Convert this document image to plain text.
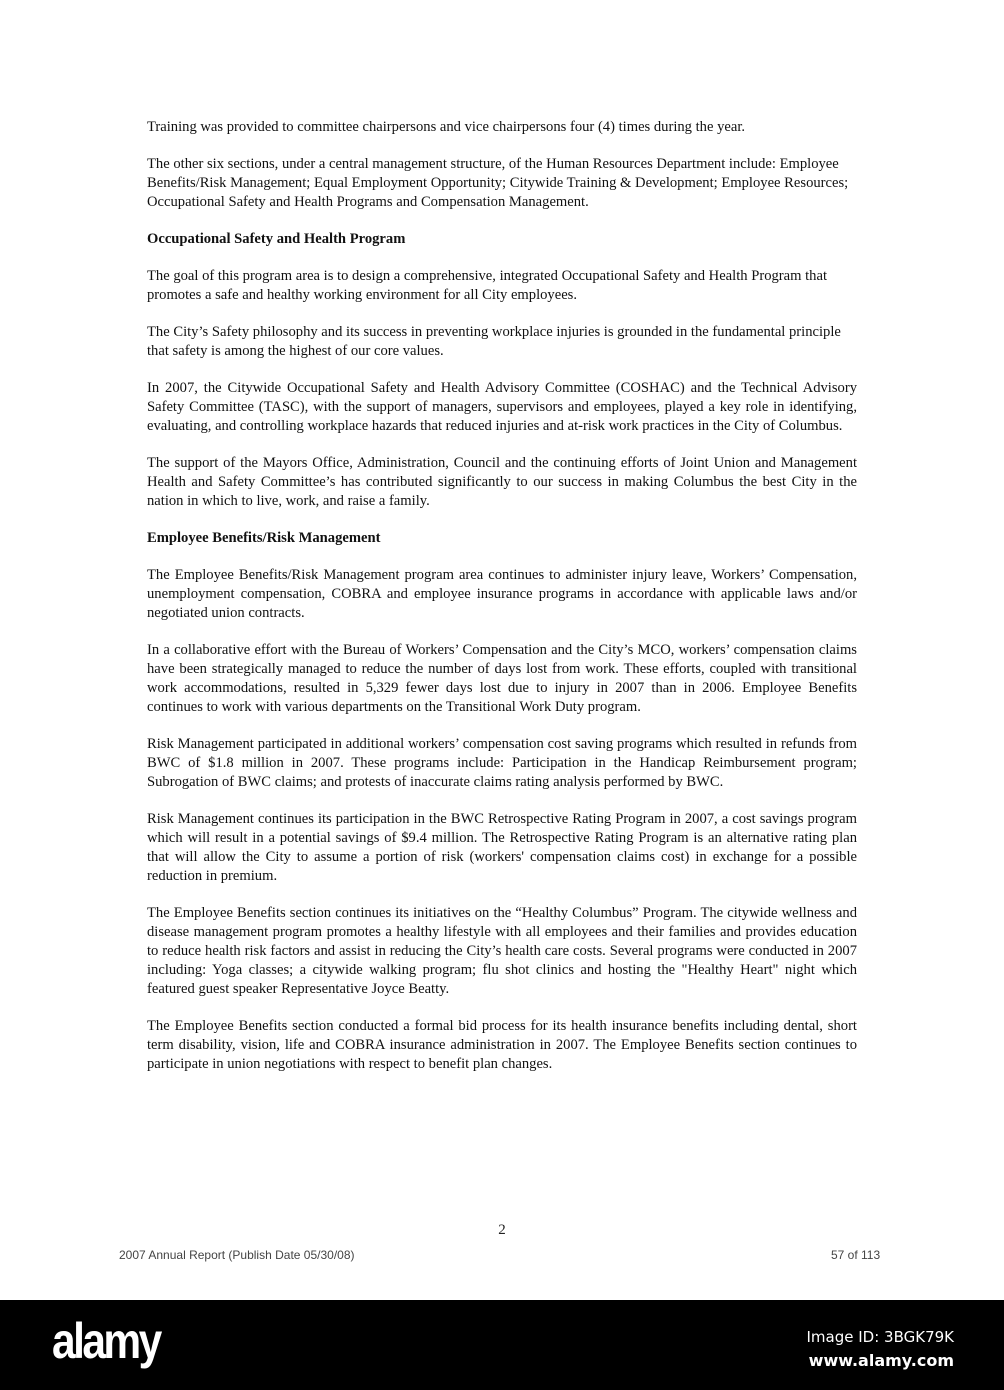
Training was provided to committee chairpersons and vice chairpersons four (4) times during the year.

The other six sections, under a central management structure, of the Human Resources Department include: Employee Benefits/Risk Management; Equal Employment Opportunity; Citywide Training & Development; Employee Resources; Occupational Safety and Health Programs and Compensation Management.

Occupational Safety and Health Program

The goal of this program area is to design a comprehensive, integrated Occupational Safety and Health Program that promotes a safe and healthy working environment for all City employees.

The City’s Safety philosophy and its success in preventing workplace injuries is grounded in the fundamental principle that safety is among the highest of our core values.

In 2007, the Citywide Occupational Safety and Health Advisory Committee (COSHAC) and the Technical Advisory Safety Committee (TASC), with the support of managers, supervisors and employees, played a key role in identifying, evaluating, and controlling workplace hazards that reduced injuries and at-risk work practices in the City of Columbus.

The support of the Mayors Office, Administration, Council and the continuing efforts of Joint Union and Management Health and Safety Committee’s has contributed significantly to our success in making Columbus the best City in the nation in which to live, work, and raise a family.

Employee Benefits/Risk Management

The Employee Benefits/Risk Management program area continues to administer injury leave, Workers’ Compensation, unemployment compensation, COBRA and employee insurance programs in accordance with applicable laws and/or negotiated union contracts.

In a collaborative effort with the Bureau of Workers’ Compensation and the City’s MCO, workers’ compensation claims have been strategically managed to reduce the number of days lost from work. These efforts, coupled with transitional work accommodations, resulted in 5,329 fewer days lost due to injury in 2007 than in 2006. Employee Benefits continues to work with various departments on the Transitional Work Duty program.

Risk Management participated in additional workers’ compensation cost saving programs which resulted in refunds from BWC of $1.8 million in 2007. These programs include: Participation in the Handicap Reimbursement program; Subrogation of BWC claims; and protests of inaccurate claims rating analysis performed by BWC.

Risk Management continues its participation in the BWC Retrospective Rating Program in 2007, a cost savings program which will result in a potential savings of $9.4 million. The Retrospective Rating Program is an alternative rating plan that will allow the City to assume a portion of risk (workers' compensation claims cost) in exchange for a possible reduction in premium.

The Employee Benefits section continues its initiatives on the “Healthy Columbus” Program. The citywide wellness and disease management program promotes a healthy lifestyle with all employees and their families and provides education to reduce health risk factors and assist in reducing the City’s health care costs. Several programs were conducted in 2007 including: Yoga classes; a citywide walking program; flu shot clinics and hosting the "Healthy Heart" night which featured guest speaker Representative Joyce Beatty.

The Employee Benefits section conducted a formal bid process for its health insurance benefits including dental, short term disability, vision, life and COBRA insurance administration in 2007. The Employee Benefits section continues to participate in union negotiations with respect to benefit plan changes.

2
2007 Annual Report (Publish Date 05/30/08)	57 of 113
alamy	Image ID: 3BGK79K
www.alamy.com
